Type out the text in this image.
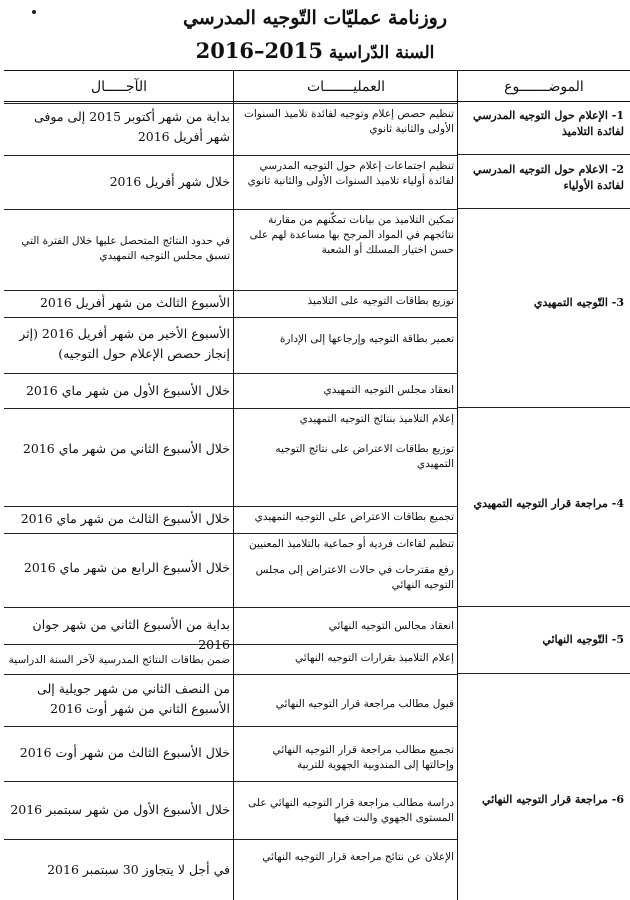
روزنامة عمليّات التّوجيه المدرسي
السنة الدّراسية 2015–2016
الموضـــــــوع
العمليـــــــات
الآجـــــال
1- الإعلام حول التوجيه المدرسي لفائدة التلاميذ
2- الاعلام حول التوجيه المدرسي لفائدة الأولياء
3- التّوجيه التمهيدي
4- مراجعة قرار التوجيه التمهيدي
5- التّوجيه النهائي
6- مراجعة قرار التوجيه النهائي
تنظيم حصص إعلام وتوجيه لفائدة تلاميذ السنوات الأولى والثانية ثانوي
تنظيم اجتماعات إعلام حول التوجيه المدرسي لفائدة أولياء تلاميذ السنوات الأولى والثانية ثانوي
تمكين التلاميذ من بيانات تمكّنهم من مقارنة نتائجهم في المواد المرجح بها مساعدة لهم على حسن اختيار المسلك أو الشعبة
توزيع بطاقات التوجيه على التلاميذ
تعمير بطاقة التوجيه وإرجاعها إلى الإدارة
انعقاد مجلس التوجيه التمهيدي
إعلام التلاميذ بنتائج التوجيه التمهيدي
توزيع بطاقات الاعتراض على نتائج التوجيه التمهيدي
تجميع بطاقات الاعتراض على التوجيه التمهيدي
تنظيم لقاءات فردية أو جماعية بالتلاميذ المعنيين
رفع مقترحات في حالات الاعتراض إلى مجلس التوجيه النهائي
انعقاد مجالس التوجيه النهائي
إعلام التلاميذ بقرارات التوجيه النهائي
قبول مطالب مراجعة قرار التوجيه النهائي
تجميع مطالب مراجعة قرار التوجيه النهائي وإحالتها إلى المندوبية الجهوية للتربية
دراسة مطالب مراجعة قرار التوجيه النهائي على المستوى الجهوي والبت فيها
الإعلان عن نتائج مراجعة قرار التوجيه النهائي
بداية من شهر أكتوبر 2015 إلى موفى شهر أفريل 2016
خلال شهر أفريل 2016
في حدود النتائج المتحصل عليها خلال الفترة التي تسبق مجلس التوجيه التمهيدي
الأسبوع الثالث من شهر أفريل 2016
الأسبوع الأخير من شهر أفريل 2016 (إثر إنجاز حصص الإعلام حول التوجيه)
خلال الأسبوع الأول من شهر ماي 2016
خلال الأسبوع الثاني من شهر ماي 2016
خلال الأسبوع الثالث من شهر ماي 2016
خلال الأسبوع الرابع من شهر ماي 2016
بداية من الأسبوع الثاني من شهر جوان 2016
ضمن بطاقات النتائج المدرسية لآخر السنة الدراسية
من النصف الثاني من شهر جويلية إلى الأسبوع الثاني من شهر أوت 2016
خلال الأسبوع الثالث من شهر أوت 2016
خلال الأسبوع الأول من شهر سبتمبر 2016
في أجل لا يتجاوز 30 سبتمبر 2016
